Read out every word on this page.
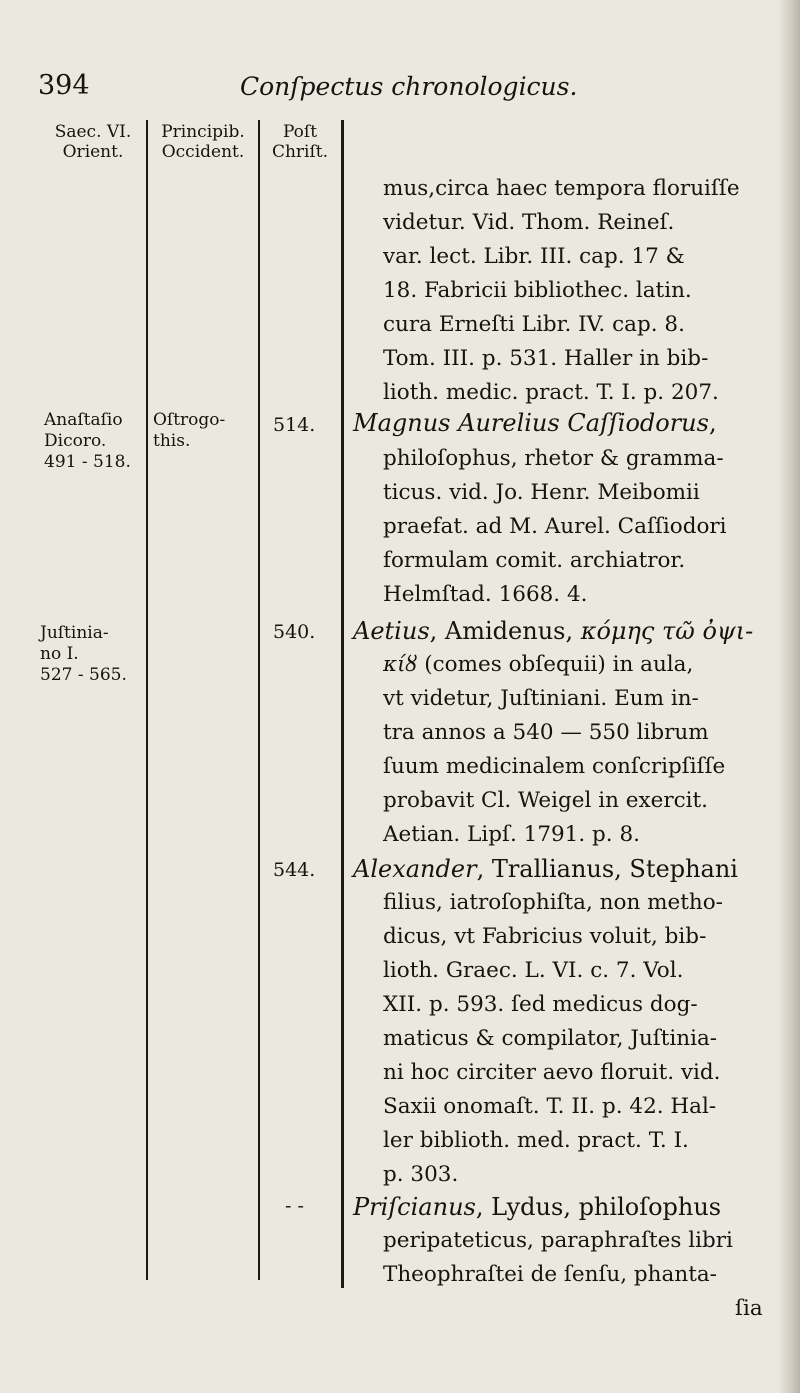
394	Conſpectus chronologicus.
Saec. VI.
Orient.
Principib.
Occident.
Poſt
Chriſt.
Anaſtaſio
Dicoro.
491 - 518.
Oſtrogo-
this.
Juſtinia-
no I.
527 - 565.
514.
540.
544.
- -
mus,circa haec tempora floruiſſe
videtur. Vid. Thom. Reineſ.
var. lect. Libr. III. cap. 17 &
18. Fabricii bibliothec. latin.
cura Erneſti Libr. IV. cap. 8.
Tom. III. p. 531. Haller in bib-
lioth. medic. pract. T. I. p. 207.
Magnus Aurelius Caſſiodorus,
philoſophus, rhetor & gramma-
ticus. vid. Jo. Henr. Meibomii
praefat. ad M. Aurel. Caſſiodori
formulam comit. archiatror.
Helmſtad. 1668. 4.
Aetius, Amidenus, κόμης τῶ ὀψι-
κίȣ (comes obſequii) in aula,
vt videtur, Juſtiniani. Eum in-
tra annos a 540 — 550 librum
ſuum medicinalem conſcripſiſſe
probavit Cl. Weigel in exercit.
Aetian. Lipſ. 1791. p. 8.
Alexander, Trallianus, Stephani
filius, iatroſophiſta, non metho-
dicus, vt Fabricius voluit, bib-
lioth. Graec. L. VI. c. 7. Vol.
XII. p. 593. ſed medicus dog-
maticus & compilator, Juſtinia-
ni hoc circiter aevo floruit. vid.
Saxii onomaſt. T. II. p. 42. Hal-
ler biblioth. med. pract. T. I.
p. 303.
Priſcianus, Lydus, philoſophus
peripateticus, paraphraſtes libri
Theophraſtei de ſenſu, phanta-
ſia
